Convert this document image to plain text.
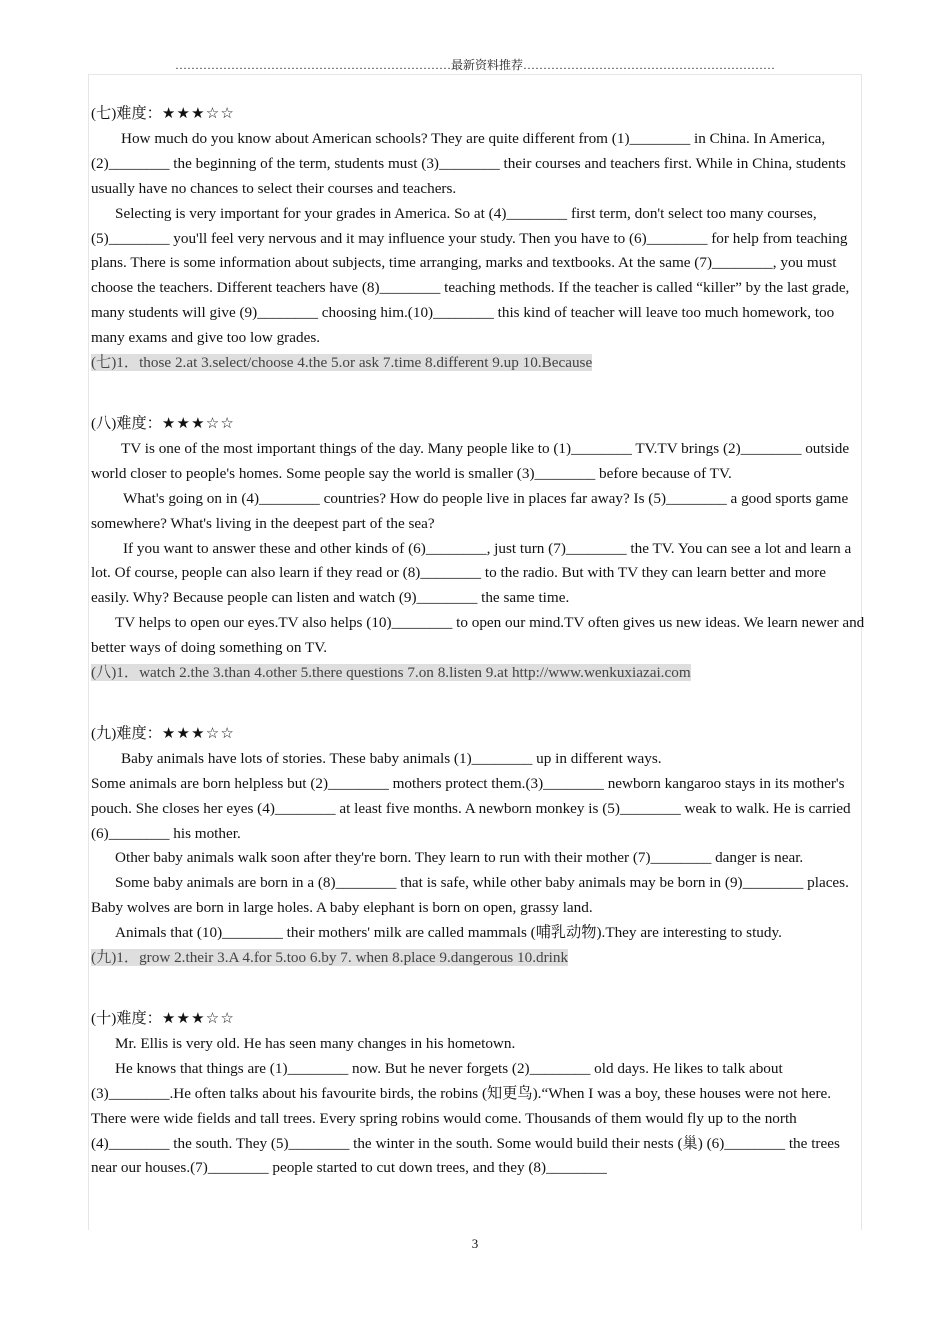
……………………………………………………………最新资料推荐………………………………………………………

(七)难度：★★★☆☆

How much do you know about American schools? They are quite different from (1)________ in China. In America, (2)________ the beginning of the term, students must (3)________ their courses and teachers first. While in China, students usually have no chances to select their courses and teachers.

Selecting is very important for your grades in America. So at (4)________ first term, don't select too many courses, (5)________ you'll feel very nervous and it may influence your study. Then you have to (6)________ for help from teaching plans. There is some information about subjects, time arranging, marks and textbooks. At the same (7)________, you must choose the teachers. Different teachers have (8)________ teaching methods. If the teacher is called “killer” by the last grade, many students will give (9)________ choosing him.(10)________ this kind of teacher will leave too much homework, too many exams and give too low grades.

(七)1．those 2.at 3.select/choose 4.the 5.or ask 7.time 8.different 9.up 10.Because

(八)难度：★★★☆☆

TV is one of the most important things of the day. Many people like to (1)________ TV.TV brings (2)________ outside world closer to people's homes. Some people say the world is smaller (3)________ before because of TV.

What's going on in (4)________ countries? How do people live in places far away? Is (5)________ a good sports game somewhere? What's living in the deepest part of the sea?

If you want to answer these and other kinds of (6)________, just turn (7)________ the TV. You can see a lot and learn a lot. Of course, people can also learn if they read or (8)________ to the radio. But with TV they can learn better and more easily. Why? Because people can listen and watch (9)________ the same time.

TV helps to open our eyes.TV also helps (10)________ to open our mind.TV often gives us new ideas. We learn newer and better ways of doing something on TV.

(八)1．watch 2.the 3.than 4.other 5.there questions 7.on 8.listen 9.at http://www.wenkuxiazai.com

(九)难度：★★★☆☆

Baby animals have lots of stories. These baby animals (1)________ up in different ways.

Some animals are born helpless but (2)________ mothers protect them.(3)________ newborn kangaroo stays in its mother's pouch. She closes her eyes (4)________ at least five months. A newborn monkey is (5)________ weak to walk. He is carried (6)________ his mother.

Other baby animals walk soon after they're born. They learn to run with their mother (7)________ danger is near.

Some baby animals are born in a (8)________ that is safe, while other baby animals may be born in (9)________ places. Baby wolves are born in large holes. A baby elephant is born on open, grassy land.

Animals that (10)________ their mothers' milk are called mammals (哺乳动物).They are interesting to study.

(九)1．grow 2.their 3.A 4.for 5.too 6.by 7. when 8.place 9.dangerous 10.drink

(十)难度：★★★☆☆

Mr. Ellis is very old. He has seen many changes in his hometown.

He knows that things are (1)________ now. But he never forgets (2)________ old days. He likes to talk about (3)________.He often talks about his favourite birds, the robins (知更鸟).“When I was a boy, these houses were not here. There were wide fields and tall trees. Every spring robins would come. Thousands of them would fly up to the north (4)________ the south. They (5)________ the winter in the south. Some would build their nests (巢) (6)________ the trees near our houses.(7)________ people started to cut down trees, and they (8)________

3
